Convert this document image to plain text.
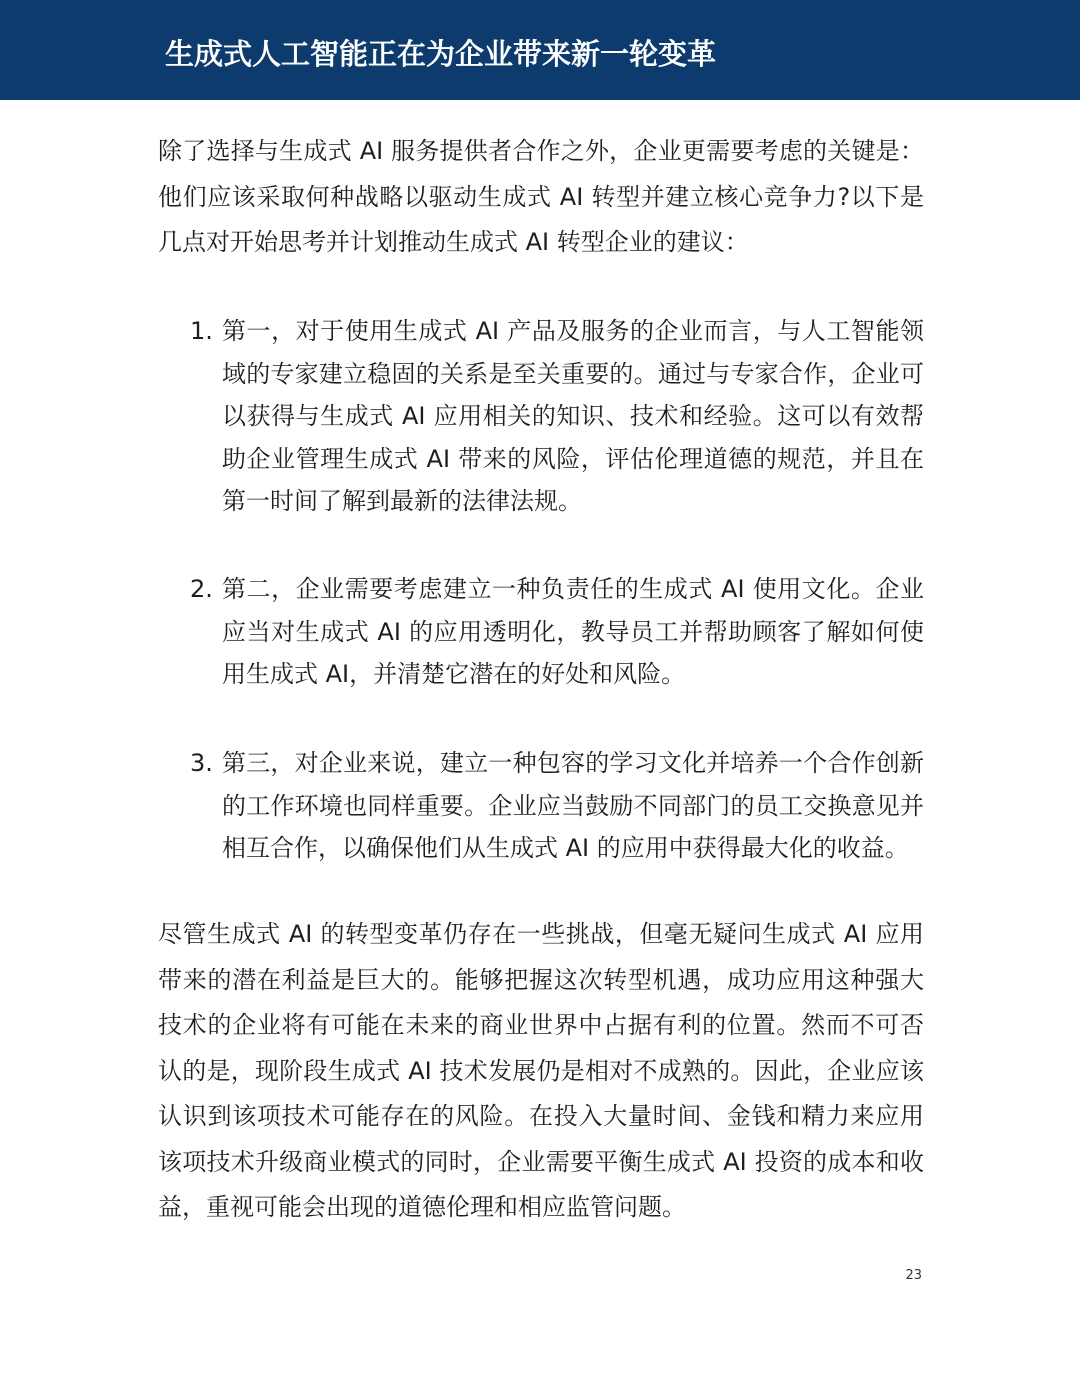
生成式人工智能正在为企业带来新一轮变革

除了选择与生成式 AI 服务提供者合作之外，企业更需要考虑的关键是：他们应该采取何种战略以驱动生成式 AI 转型并建立核心竞争力?以下是几点对开始思考并计划推动生成式 AI 转型企业的建议：

1. 第一，对于使用生成式 AI 产品及服务的企业而言，与人工智能领域的专家建立稳固的关系是至关重要的。通过与专家合作，企业可以获得与生成式 AI 应用相关的知识、技术和经验。这可以有效帮助企业管理生成式 AI 带来的风险，评估伦理道德的规范，并且在第一时间了解到最新的法律法规。
2. 第二，企业需要考虑建立一种负责任的生成式 AI 使用文化。企业应当对生成式 AI 的应用透明化，教导员工并帮助顾客了解如何使用生成式 AI，并清楚它潜在的好处和风险。
3. 第三，对企业来说，建立一种包容的学习文化并培养一个合作创新的工作环境也同样重要。企业应当鼓励不同部门的员工交换意见并相互合作，以确保他们从生成式 AI 的应用中获得最大化的收益。

尽管生成式 AI 的转型变革仍存在一些挑战，但毫无疑问生成式 AI 应用带来的潜在利益是巨大的。能够把握这次转型机遇，成功应用这种强大技术的企业将有可能在未来的商业世界中占据有利的位置。然而不可否认的是，现阶段生成式 AI 技术发展仍是相对不成熟的。因此，企业应该认识到该项技术可能存在的风险。在投入大量时间、金钱和精力来应用该项技术升级商业模式的同时，企业需要平衡生成式 AI 投资的成本和收益，重视可能会出现的道德伦理和相应监管问题。

23
